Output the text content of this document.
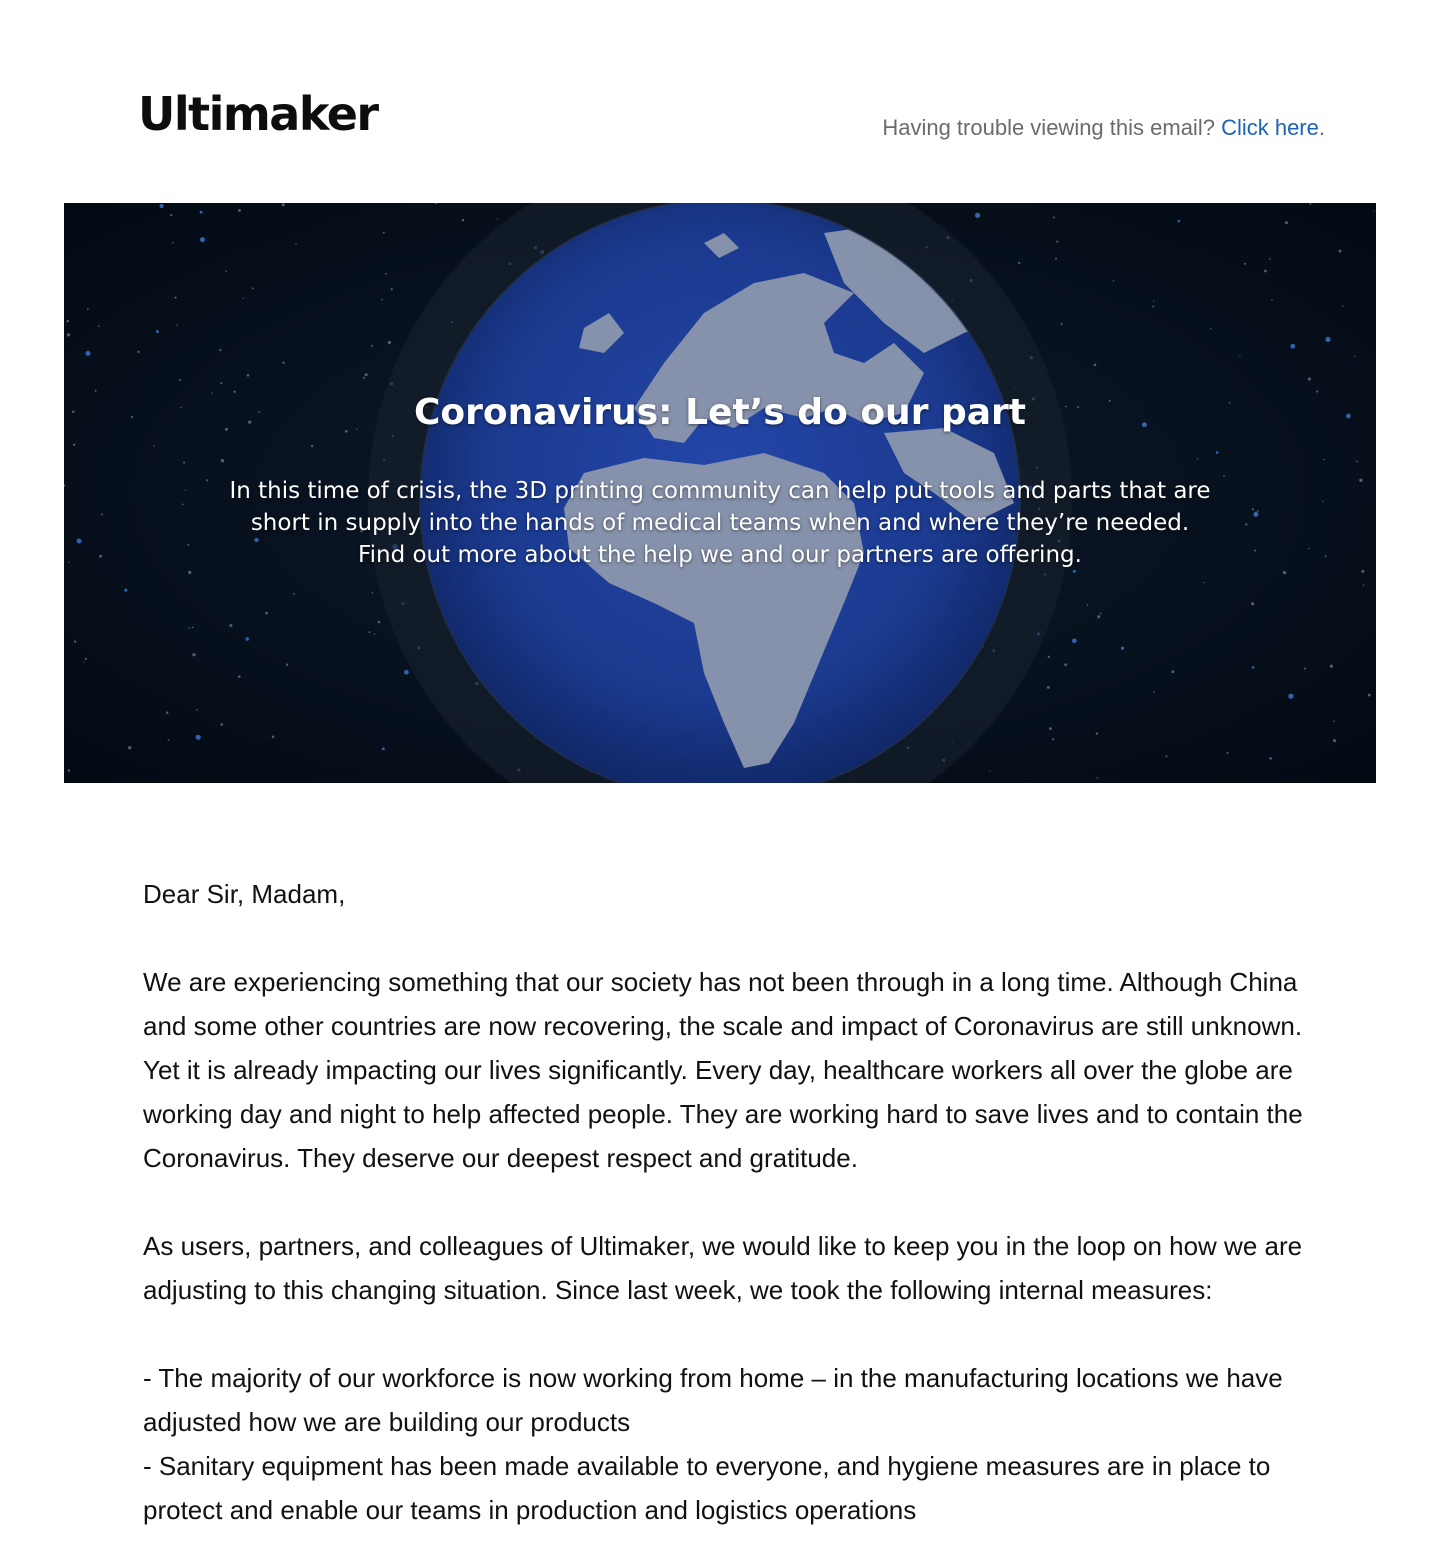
Ultimaker	Having trouble viewing this email? Click here.
Coronavirus: Let’s do our part
In this time of crisis, the 3D printing community can help put tools and parts that are
short in supply into the hands of medical teams when and where they’re needed.
Find out more about the help we and our partners are offering.

Dear Sir, Madam,

We are experiencing something that our society has not been through in a long time. Although China and some other countries are now recovering, the scale and impact of Coronavirus are still unknown. Yet it is already impacting our lives significantly. Every day, healthcare workers all over the globe are working day and night to help affected people. They are working hard to save lives and to contain the Coronavirus. They deserve our deepest respect and gratitude.

As users, partners, and colleagues of Ultimaker, we would like to keep you in the loop on how we are adjusting to this changing situation. Since last week, we took the following internal measures:

- The majority of our workforce is now working from home – in the manufacturing locations we have adjusted how we are building our products

- Sanitary equipment has been made available to everyone, and hygiene measures are in place to protect and enable our teams in production and logistics operations
